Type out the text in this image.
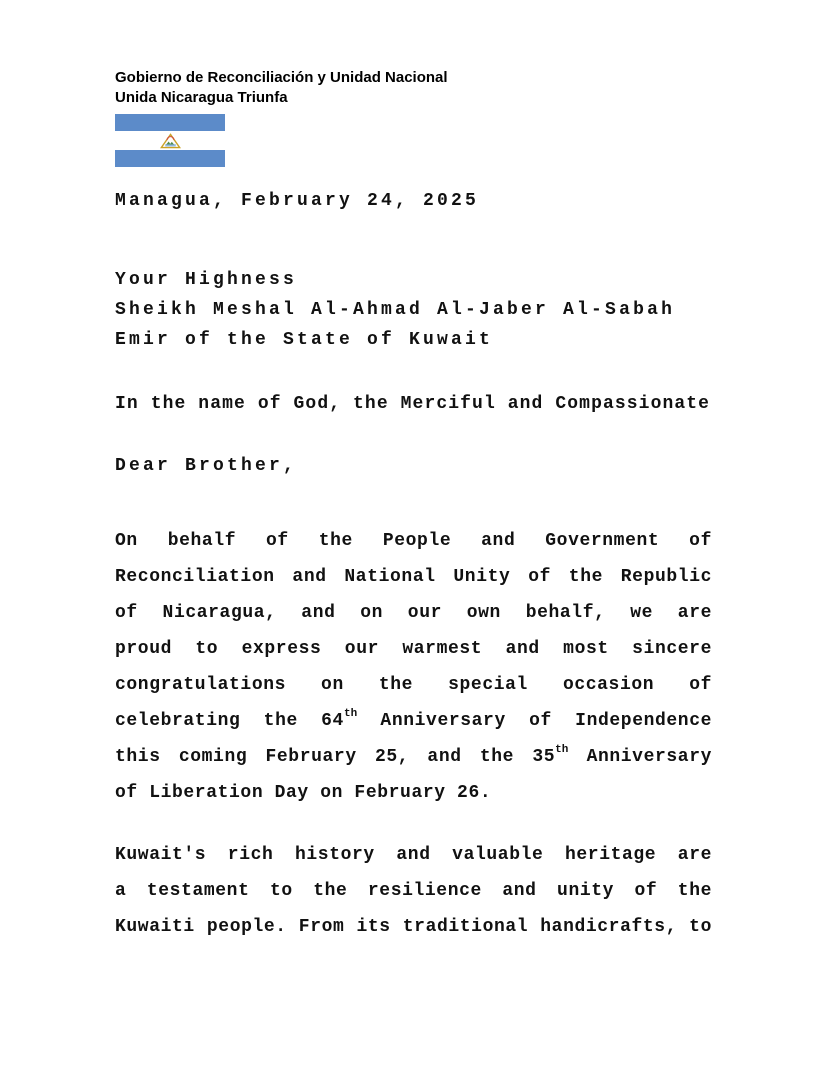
Gobierno de Reconciliación y Unidad Nacional
Unida Nicaragua Triunfa
Managua, February 24, 2025
Your Highness
Sheikh Meshal Al-Ahmad Al-Jaber Al-Sabah
Emir of the State of Kuwait
In the name of God, the Merciful and Compassionate
Dear Brother,
On behalf of the People and Government of
Reconciliation and National Unity of the Republic
of Nicaragua, and on our own behalf, we are
proud to express our warmest and most sincere
congratulations on the special occasion of
celebrating the 64th Anniversary of Independence
this coming February 25, and the 35th Anniversary
of Liberation Day on February 26.
Kuwait's rich history and valuable heritage are
a testament to the resilience and unity of the
Kuwaiti people. From its traditional handicrafts, to
